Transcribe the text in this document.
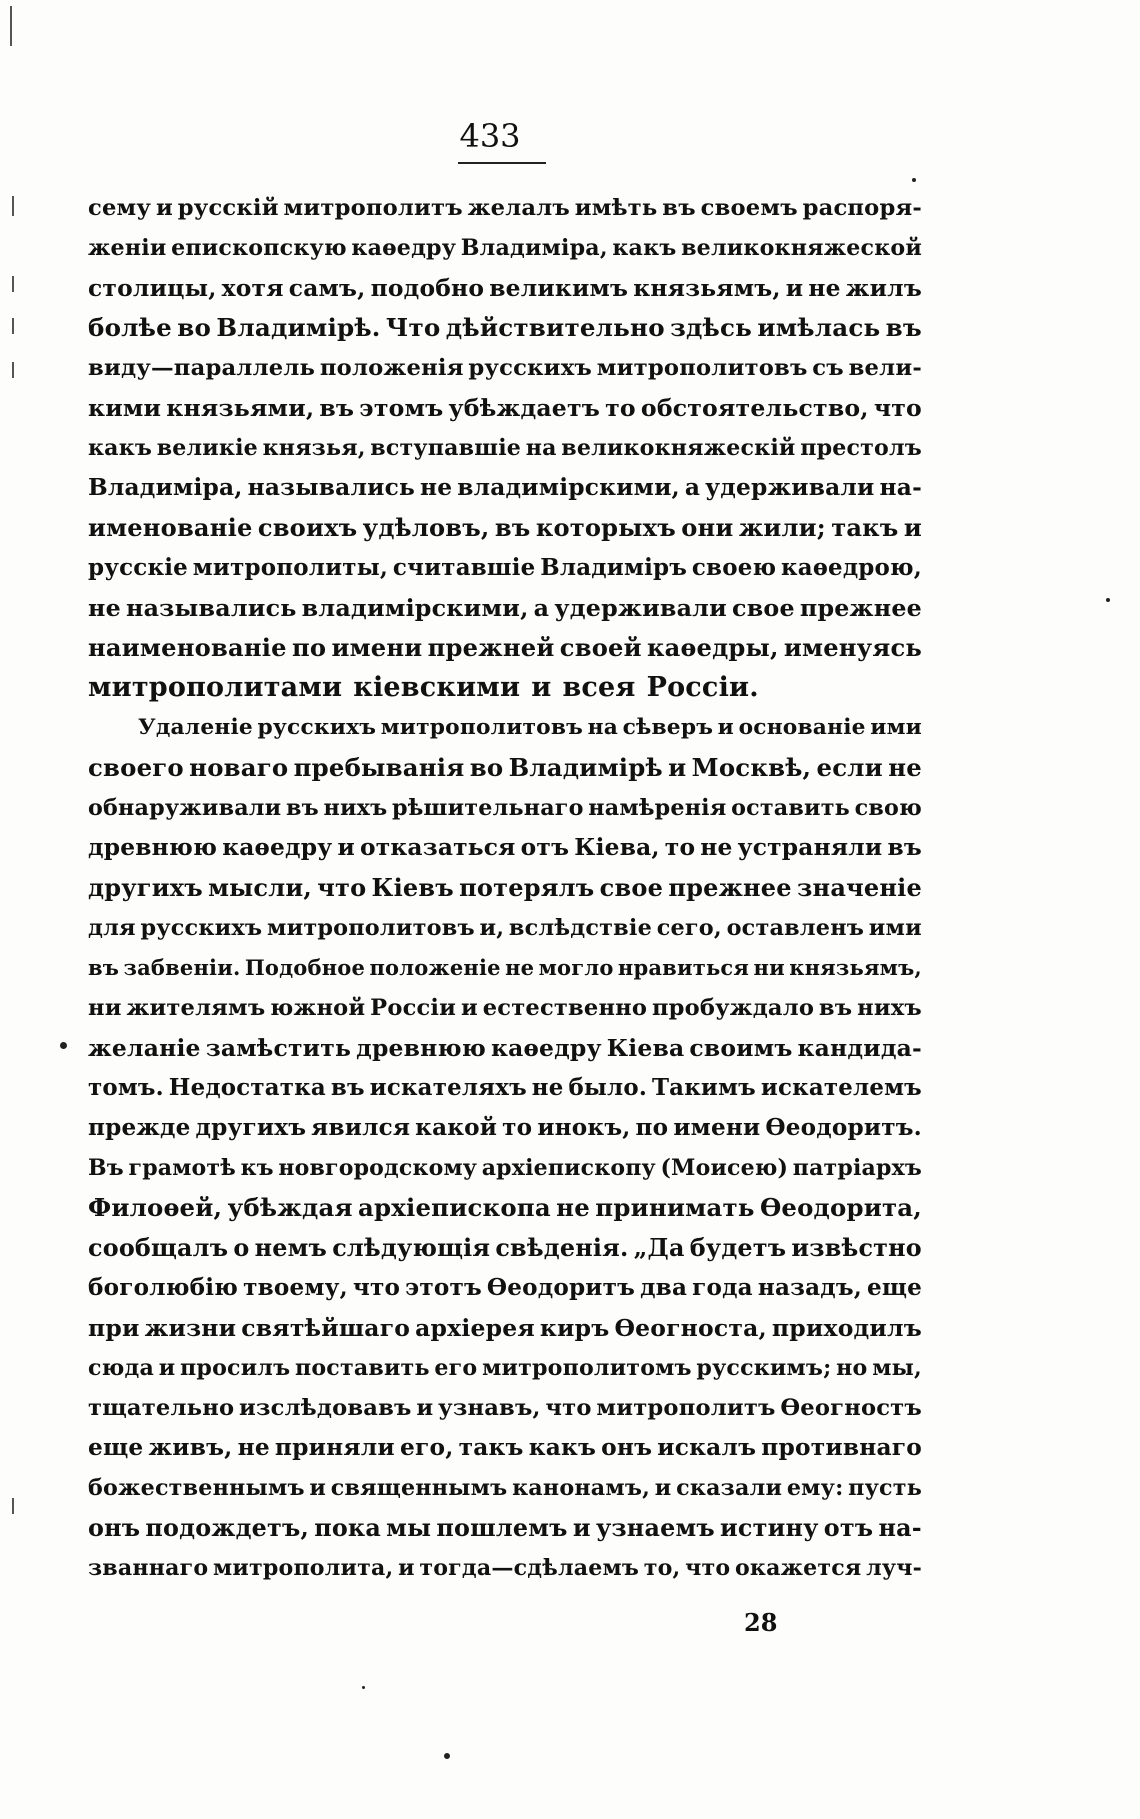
433
сему и русскій митрополитъ желалъ имѣть въ своемъ распоря-
женіи епископскую каѳедру Владиміра, какъ великокняжеской
столицы, хотя самъ, подобно великимъ князьямъ, и не жилъ
болѣе во Владимірѣ. Что дѣйствительно здѣсь имѣлась въ
виду—параллель положенія русскихъ митрополитовъ съ вели-
кими князьями, въ этомъ убѣждаетъ то обстоятельство, что
какъ великіе князья, вступавшіе на великокняжескій престолъ
Владиміра, назывались не владимірскими, а удерживали на-
именованіе своихъ удѣловъ, въ которыхъ они жили; такъ и
русскіе митрополиты, считавшіе Владиміръ своею каѳедрою,
не назывались владимірскими, а удерживали свое прежнее
наименованіе по имени прежней своей каѳедры, именуясь
митрополитами кіевскими и всея Россіи.
Удаленіе русскихъ митрополитовъ на сѣверъ и основаніе ими
своего новаго пребыванія во Владимірѣ и Москвѣ, если не
обнаруживали въ нихъ рѣшительнаго намѣренія оставить свою
древнюю каѳедру и отказаться отъ Кіева, то не устраняли въ
другихъ мысли, что Кіевъ потерялъ свое прежнее значеніе
для русскихъ митрополитовъ и, вслѣдствіе сего, оставленъ ими
въ забвеніи. Подобное положеніе не могло нравиться ни князьямъ,
ни жителямъ южной Россіи и естественно пробуждало въ нихъ
желаніе замѣстить древнюю каѳедру Кіева своимъ кандида-
томъ. Недостатка въ искателяхъ не было. Такимъ искателемъ
прежде другихъ явился какой то инокъ, по имени Ѳеодоритъ.
Въ грамотѣ къ новгородскому архіепископу (Моисею) патріархъ
Филоѳей, убѣждая архіепископа не принимать Ѳеодорита,
сообщалъ о немъ слѣдующія свѣденія. „Да будетъ извѣстно
боголюбію твоему, что этотъ Ѳеодоритъ два года назадъ, еще
при жизни святѣйшаго архіерея киръ Ѳеогноста, приходилъ
сюда и просилъ поставить его митрополитомъ русскимъ; но мы,
тщательно изслѣдовавъ и узнавъ, что митрополитъ Ѳеогностъ
еще живъ, не приняли его, такъ какъ онъ искалъ противнаго
божественнымъ и священнымъ канонамъ, и сказали ему: пусть
онъ подождетъ, пока мы пошлемъ и узнаемъ истину отъ на-
званнаго митрополита, и тогда—сдѣлаемъ то, что окажется луч-
28
